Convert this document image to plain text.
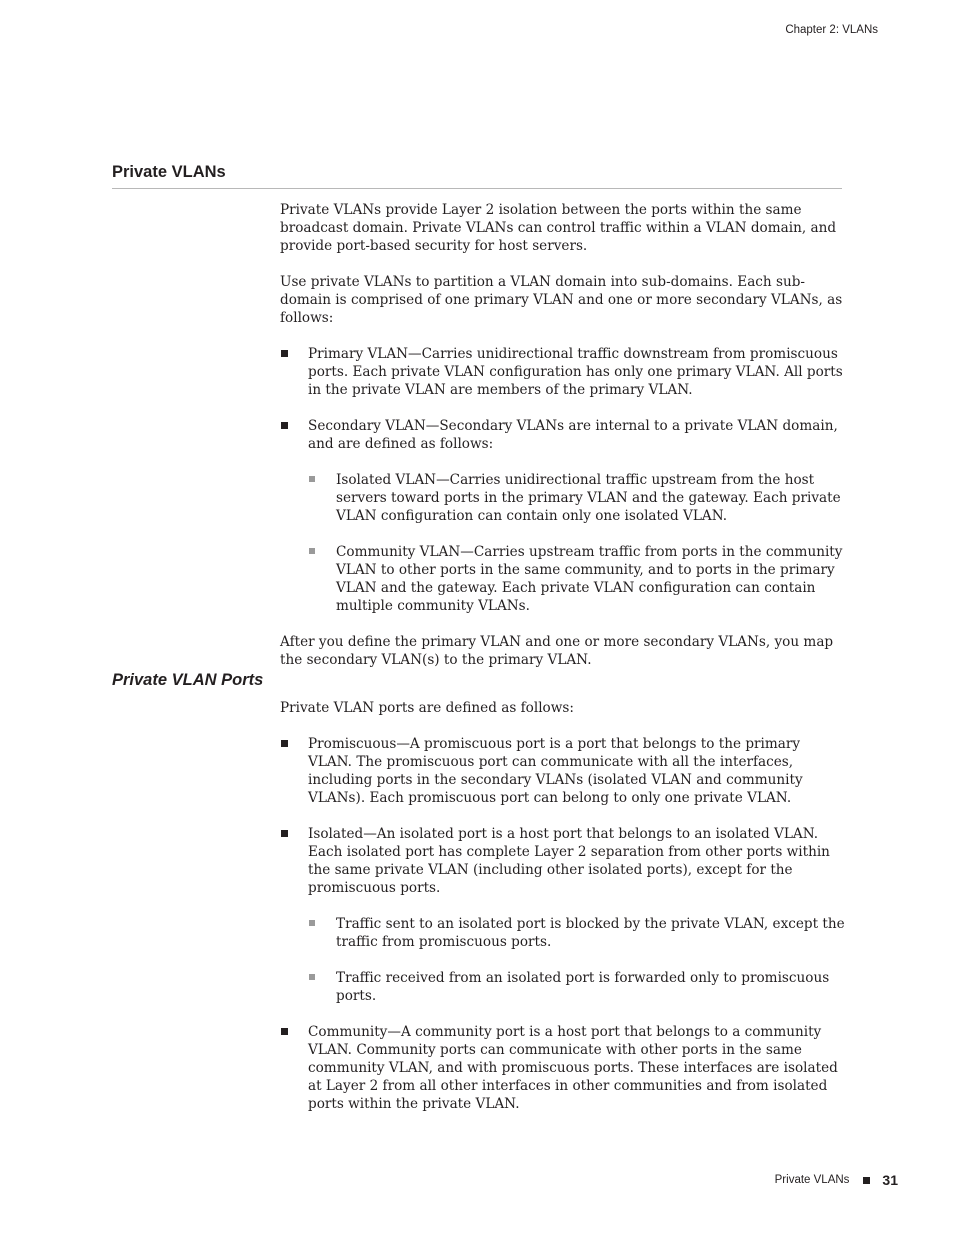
Chapter 2: VLANs
Private VLANs

Private VLANs provide Layer 2 isolation between the ports within the same broadcast domain. Private VLANs can control traffic within a VLAN domain, and provide port-based security for host servers.

Use private VLANs to partition a VLAN domain into sub-domains. Each sub-domain is comprised of one primary VLAN and one or more secondary VLANs, as follows:

Primary VLAN—Carries unidirectional traffic downstream from promiscuous ports. Each private VLAN configuration has only one primary VLAN. All ports in the private VLAN are members of the primary VLAN.
Secondary VLAN—Secondary VLANs are internal to a private VLAN domain, and are defined as follows:
Isolated VLAN—Carries unidirectional traffic upstream from the host servers toward ports in the primary VLAN and the gateway. Each private VLAN configuration can contain only one isolated VLAN.
Community VLAN—Carries upstream traffic from ports in the community VLAN to other ports in the same community, and to ports in the primary VLAN and the gateway. Each private VLAN configuration can contain multiple community VLANs.

After you define the primary VLAN and one or more secondary VLANs, you map the secondary VLAN(s) to the primary VLAN.

Private VLAN Ports

Private VLAN ports are defined as follows:

Promiscuous—A promiscuous port is a port that belongs to the primary VLAN. The promiscuous port can communicate with all the interfaces, including ports in the secondary VLANs (isolated VLAN and community VLANs). Each promiscuous port can belong to only one private VLAN.
Isolated—An isolated port is a host port that belongs to an isolated VLAN. Each isolated port has complete Layer 2 separation from other ports within the same private VLAN (including other isolated ports), except for the promiscuous ports.
Traffic sent to an isolated port is blocked by the private VLAN, except the traffic from promiscuous ports.
Traffic received from an isolated port is forwarded only to promiscuous ports.
Community—A community port is a host port that belongs to a community VLAN. Community ports can communicate with other ports in the same community VLAN, and with promiscuous ports. These interfaces are isolated at Layer 2 from all other interfaces in other communities and from isolated ports within the private VLAN.
Private VLANs 31
